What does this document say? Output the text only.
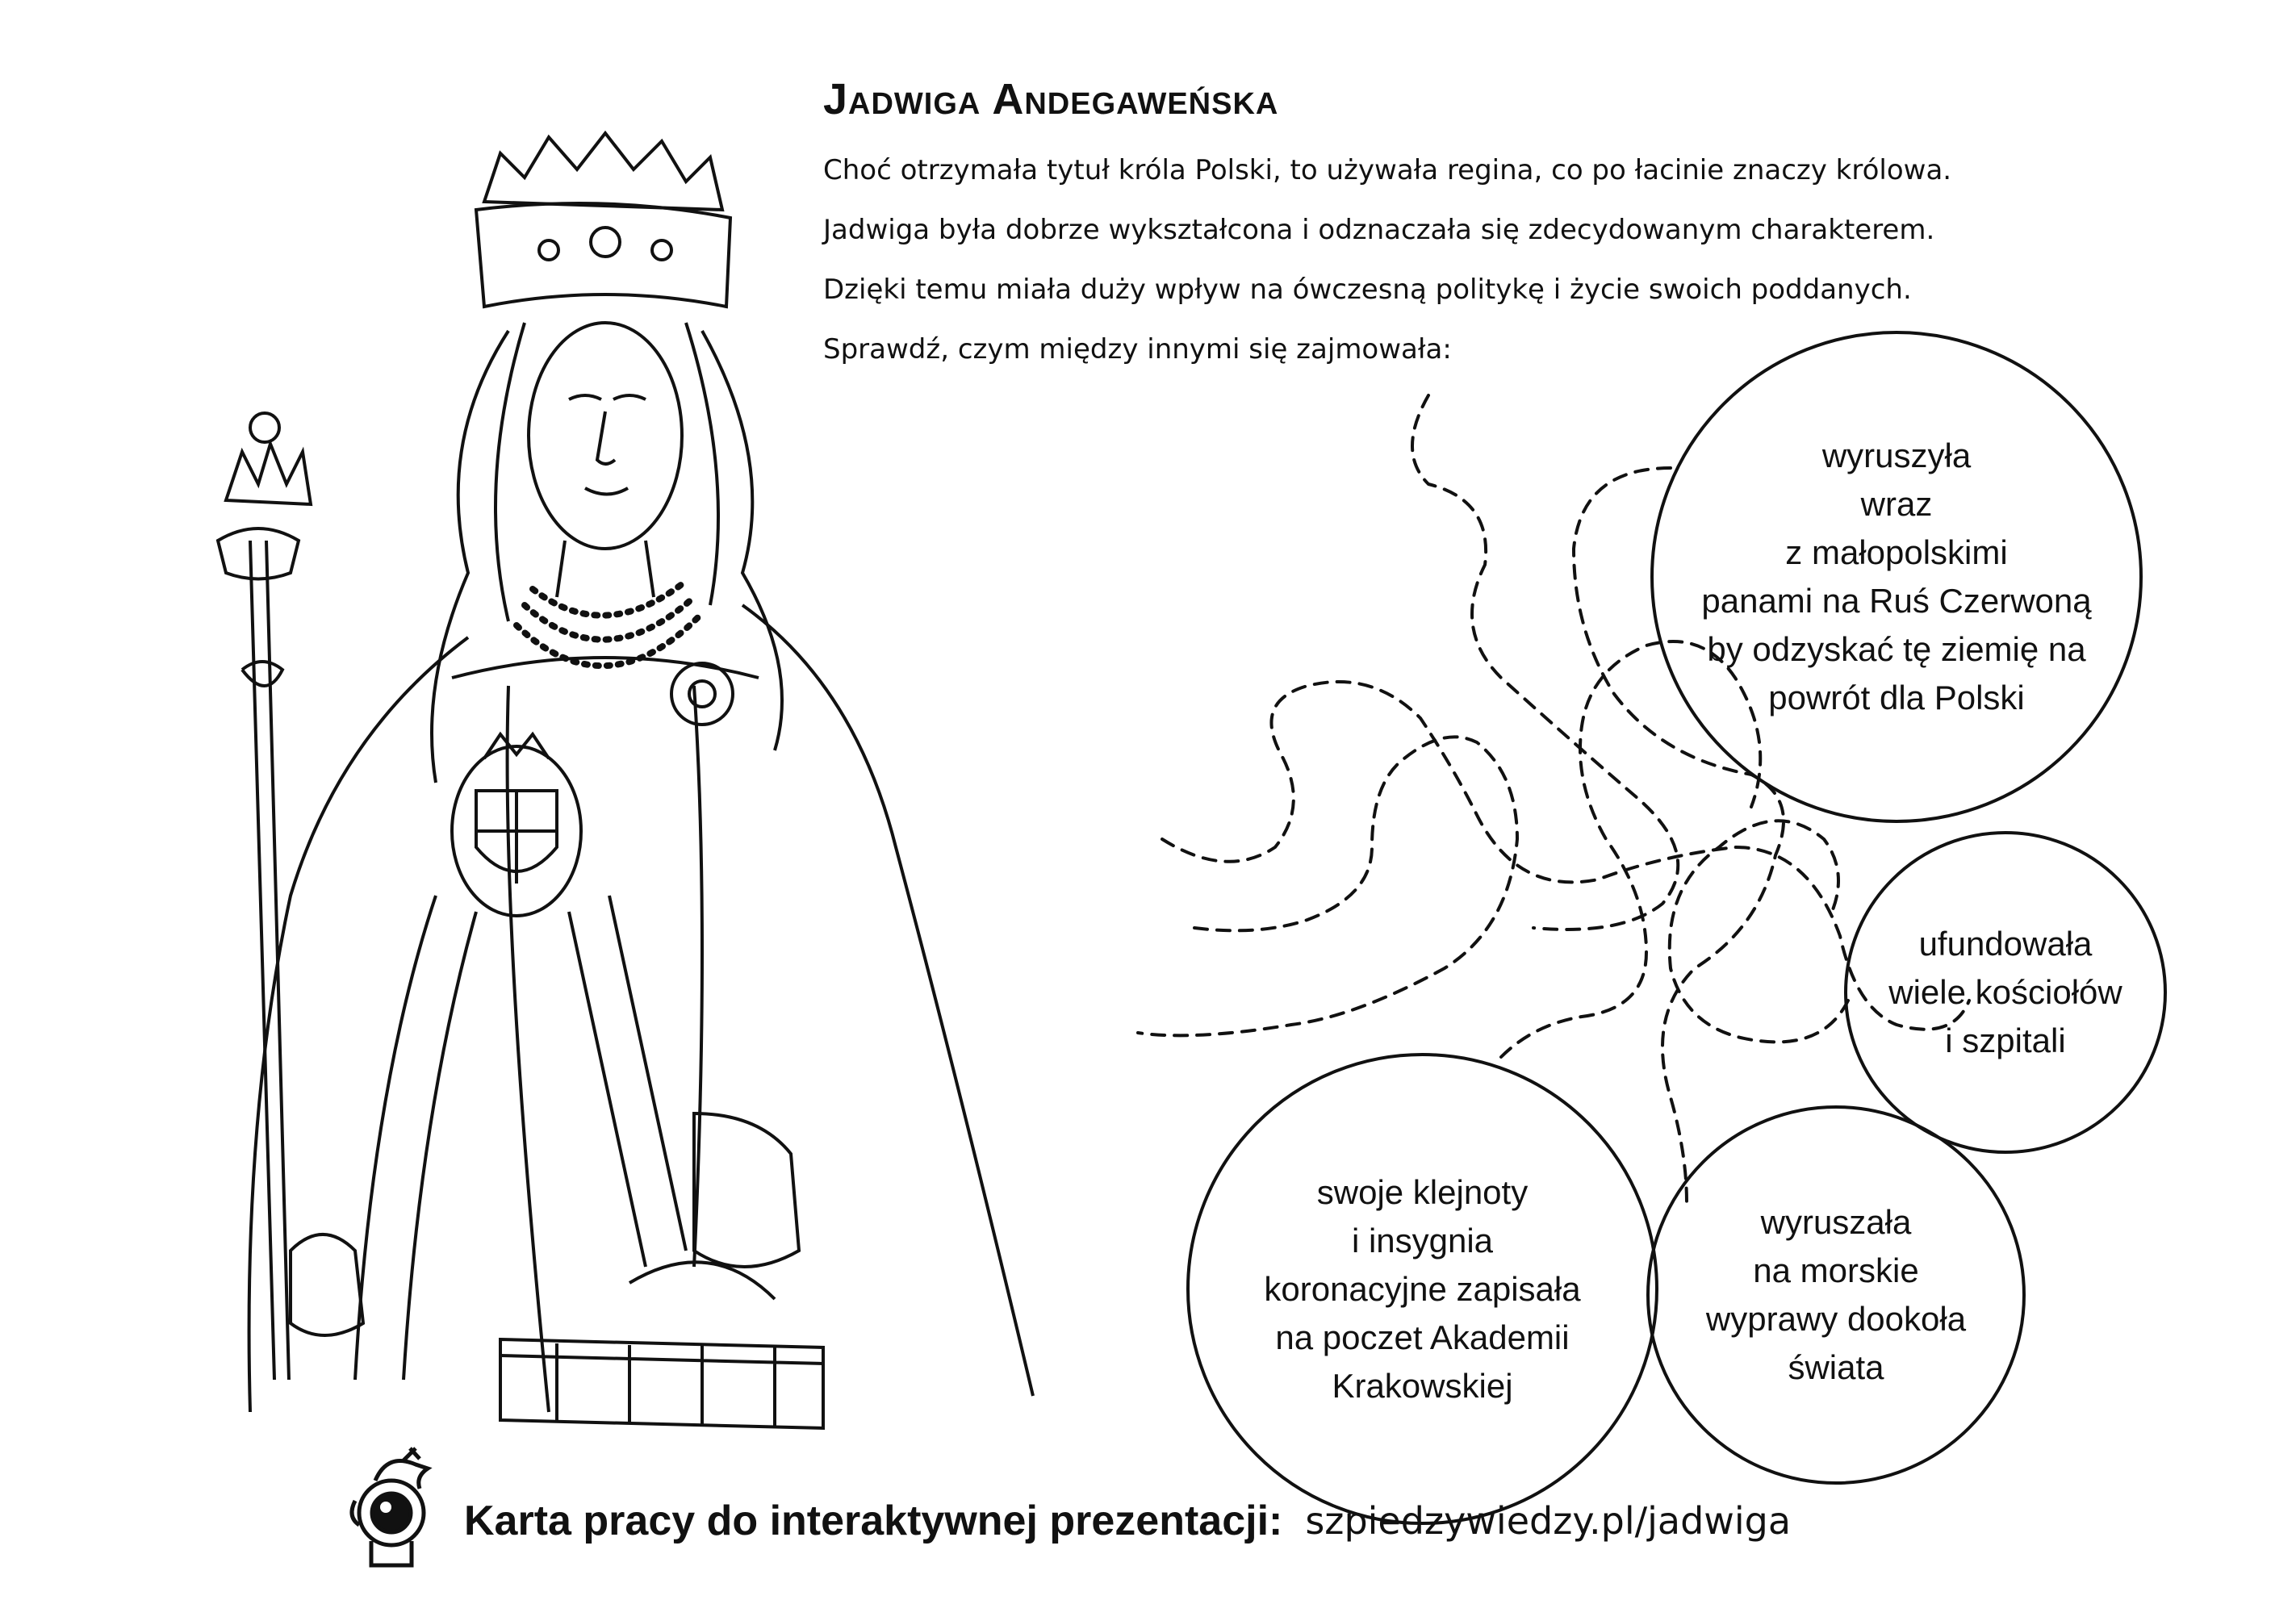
Jadwiga Andegaweńska

Choć otrzymała tytuł króla Polski, to używała regina, co po łacinie znaczy królowa.

Jadwiga była dobrze wykształcona i odznaczała się zdecydowanym charakterem.

Dzięki temu miała duży wpływ na ówczesną politykę i życie swoich poddanych.

Sprawdź, czym między innymi się zajmowała:

wyruszyła
wraz
z małopolskimi
panami na Ruś Czerwoną
by odzyskać tę ziemię na
powrót dla Polski
ufundowała
wiele kościołów
i szpitali
swoje klejnoty
i insygnia
koronacyjne zapisała
na poczet Akademii
Krakowskiej
wyruszała
na morskie
wyprawy dookoła
świata
Karta pracy do interaktywnej prezentacji: szpiedzywiedzy.pl/jadwiga
